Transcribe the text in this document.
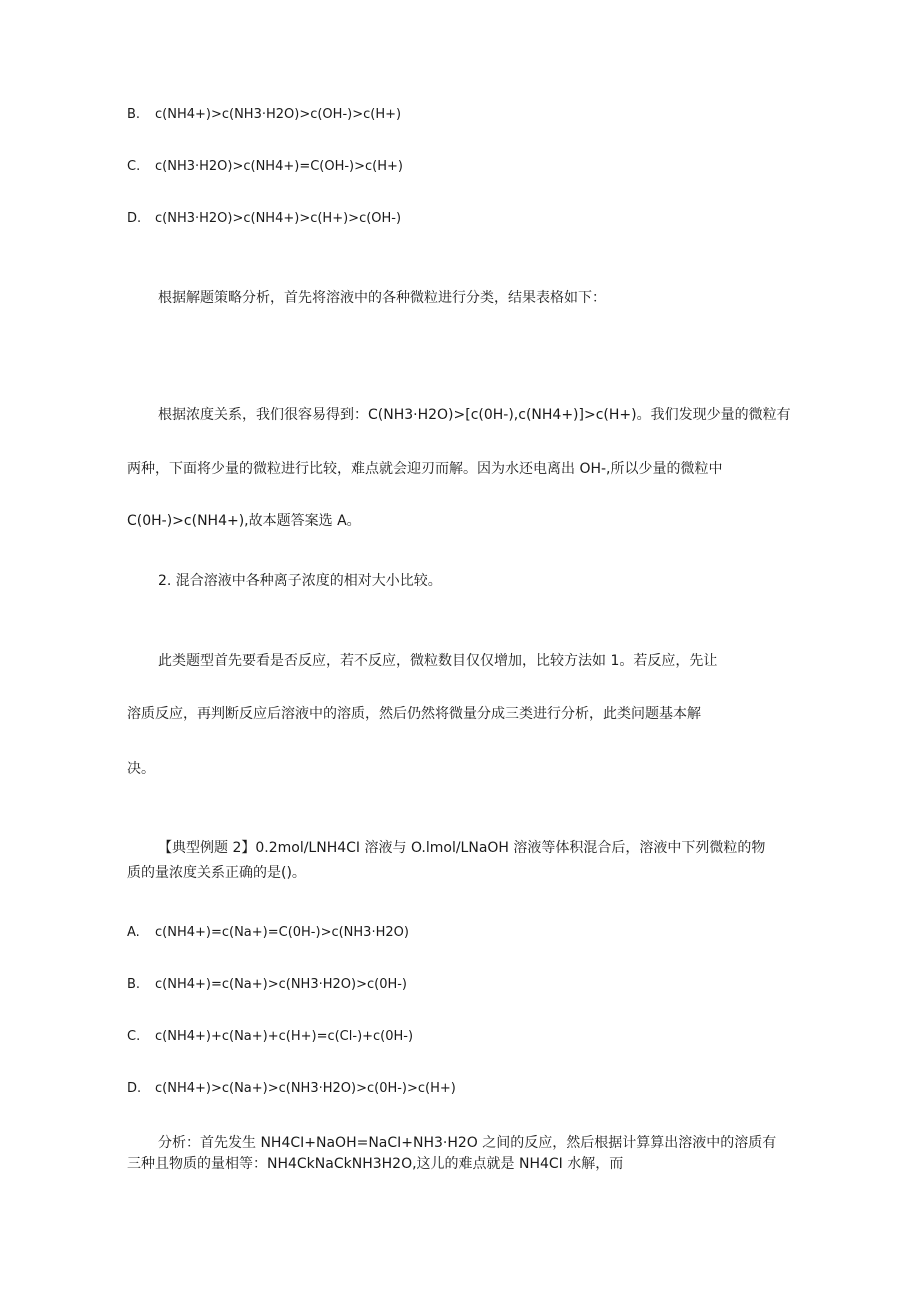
B. c(NH4+)>c(NH3·H2O)>c(OH-)>c(H+)
C. c(NH3·H2O)>c(NH4+)=C(OH-)>c(H+)
D. c(NH3·H2O)>c(NH4+)>c(H+)>c(OH-)
根据解题策略分析，首先将溶液中的各种微粒进行分类，结果表格如下：
根据浓度关系，我们很容易得到：C(NH3·H2O)>[c(0H-),c(NH4+)]>c(H+)。我们发现少量的微粒有
两种，下面将少量的微粒进行比较，难点就会迎刃而解。因为水还电离出 OH-,所以少量的微粒中
C(0H-)>c(NH4+),故本题答案选 A。
2. 混合溶液中各种离子浓度的相对大小比较。
此类题型首先要看是否反应，若不反应，微粒数目仅仅增加，比较方法如 1。若反应，先让
溶质反应，再判断反应后溶液中的溶质，然后仍然将微量分成三类进行分析，此类问题基本解
决。
【典型例题 2】0.2mol∕LNH4CI 溶液与 O.lmol/LNaOH 溶液等体积混合后，溶液中下列微粒的物
质的量浓度关系正确的是()。
A. c(NH4+)=c(Na+)=C(0H-)>c(NH3·H2O)
B. c(NH4+)=c(Na+)>c(NH3·H2O)>c(0H-)
C. c(NH4+)+c(Na+)+c(H+)=c(Cl-)+c(0H-)
D. c(NH4+)>c(Na+)>c(NH3·H2O)>c(0H-)>c(H+)
分析：首先发生 NH4CI+NaOH=NaCI+NH3·H2O 之间的反应，然后根据计算算出溶液中的溶质有
三种且物质的量相等：NH4CkNaCkNH3H2O,这儿的难点就是 NH4CI 水解，而
